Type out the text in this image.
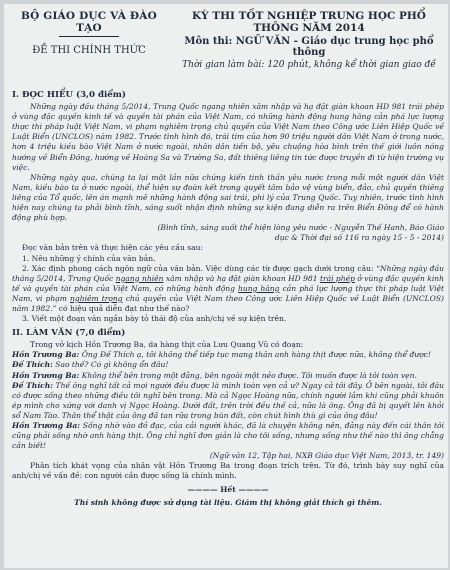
BỘ GIÁO DỤC VÀ ĐÀO TẠO
ĐỀ THI CHÍNH THỨC
KỲ THI TỐT NGHIỆP TRUNG HỌC PHỔ THÔNG NĂM 2014
Môn thi: NGỮ VĂN - Giáo dục trung học phổ thông
Thời gian làm bài: 120 phút, không kể thời gian giao đề

I. ĐỌC HIỂU (3,0 điểm)

Những ngày đầu tháng 5/2014, Trung Quốc ngang nhiên xâm nhập và hạ đặt giàn khoan HD 981 trái phép ở vùng đặc quyền kinh tế và quyền tài phán của Việt Nam, có những hành động hung hăng cản phá lực lượng thực thi pháp luật Việt Nam, vi phạm nghiêm trọng chủ quyền của Việt Nam theo Công ước Liên Hiệp Quốc về Luật Biển (UNCLOS) năm 1982. Trước tình hình đó, trái tim của hơn 90 triệu người dân Việt Nam ở trong nước, hơn 4 triệu kiều bào Việt Nam ở nước ngoài, nhân dân tiến bộ, yêu chuộng hòa bình trên thế giới luôn nóng hướng về Biển Đông, hướng về Hoàng Sa và Trường Sa, đất thiêng liêng tin tức được truyền đi từ hiện trường vụ việc.

Những ngày qua, chúng ta lại một lần nữa chứng kiến tinh thần yêu nước trong mỗi một người dân Việt Nam, kiều bào ta ở nước ngoài, thể hiện sự đoàn kết trong quyết tâm bảo vệ vùng biển, đảo, chủ quyền thiêng liêng của Tổ quốc, lên án mạnh mẽ những hành động sai trái, phi lý của Trung Quốc. Tuy nhiên, trước tình hình hiện nay chúng ta phải bình tĩnh, sáng suốt nhận định những sự kiện đang diễn ra trên Biển Đông để có hành động phù hợp.

(Bình tĩnh, sáng suốt thể hiện lòng yêu nước - Nguyễn Thế Hanh, Báo Giáo dục & Thời đại số 116 ra ngày 15 - 5 - 2014)

Đọc văn bản trên và thực hiện các yêu cầu sau:

1. Nêu những ý chính của văn bản.

2. Xác định phong cách ngôn ngữ của văn bản. Việc dùng các từ được gạch dưới trong câu: “Những ngày đầu tháng 5/2014, Trung Quốc ngang nhiên xâm nhập và hạ đặt giàn khoan HD 981 trái phép ở vùng đặc quyền kinh tế và quyền tài phán của Việt Nam, có những hành động hung hăng cản phá lực lượng thực thi pháp luật Việt Nam, vi phạm nghiêm trọng chủ quyền của Việt Nam theo Công ước Liên Hiệp Quốc về Luật Biển (UNCLOS) năm 1982.” có hiệu quả diễn đạt như thế nào?

3. Viết một đoạn văn ngắn bày tỏ thái độ của anh/chị về sự kiện trên.

II. LÀM VĂN (7,0 điểm)

Trong vở kịch Hồn Trương Ba, da hàng thịt của Lưu Quang Vũ có đoạn:

Hồn Trương Ba: Ông Đế Thích ạ, tôi không thể tiếp tục mang thân anh hàng thịt được nữa, không thể được!

Đế Thích: Sao thế? Có gì không ổn đâu!

Hồn Trương Ba: Không thể bên trong một đằng, bên ngoài một nẻo được. Tôi muốn được là tôi toàn vẹn.

Đế Thích: Thế ông nghĩ tất cả mọi người đều được là mình toàn vẹn cả ư? Ngay cả tôi đây. Ở bên ngoài, tôi đâu có được sống theo những điều tôi nghĩ bên trong. Mà cả Ngọc Hoàng nữa, chính người lắm khi cũng phải khuôn ép mình cho xứng với danh vị Ngọc Hoàng. Dưới đất, trên trời đều thế cả, nữa là ông. Ông đã bị quyết lên khỏi sổ Nam Tào. Thân thể thật của ông đã tan rữa trong bùn đất, còn chút hình thù gì của ông đâu!

Hồn Trương Ba: Sống nhờ vào đồ đạc, của cải người khác, đã là chuyện không nên, đằng này đến cái thân tôi cũng phải sống nhờ anh hàng thịt. Ông chỉ nghĩ đơn giản là cho tôi sống, nhưng sống như thế nào thì ông chẳng cần biết!

(Ngữ văn 12, Tập hai, NXB Giáo dục Việt Nam, 2013, tr. 149)

Phân tích khát vọng của nhân vật Hồn Trương Ba trong đoạn trích trên. Từ đó, trình bày suy nghĩ của anh/chị về vấn đề: con người cần được sống là chính mình.

———— Hết ————

Thí sinh không được sử dụng tài liệu. Giám thị không giải thích gì thêm.
